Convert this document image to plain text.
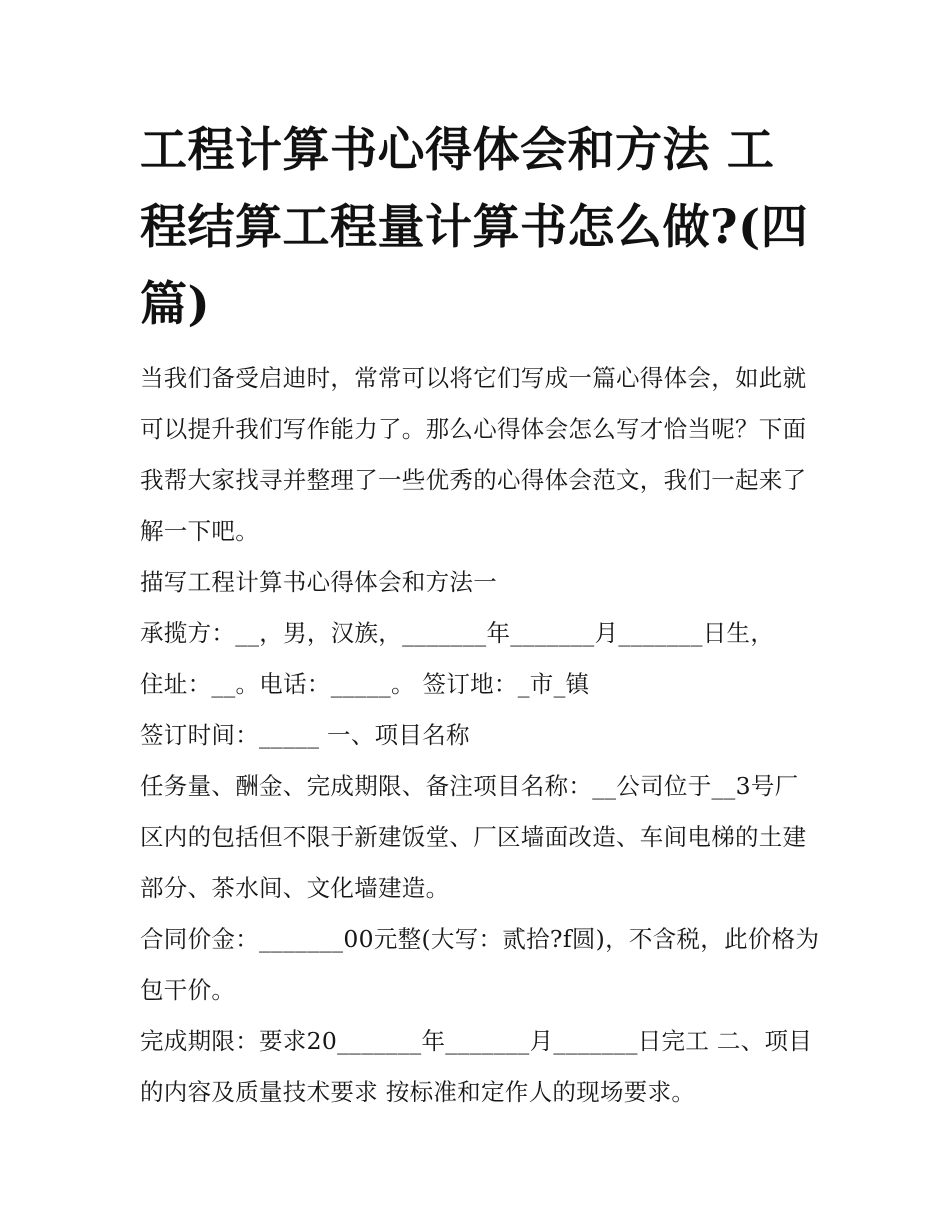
工程计算书心得体会和方法 工程结算工程量计算书怎么做?(四篇)

当我们备受启迪时，常常可以将它们写成一篇心得体会，如此就可以提升我们写作能力了。那么心得体会怎么写才恰当呢？下面我帮大家找寻并整理了一些优秀的心得体会范文，我们一起来了解一下吧。

描写工程计算书心得体会和方法一

承揽方：__，男，汉族，_______年_______月_______日生，

住址：__。电话：_____。 签订地：_市_镇

签订时间：_____ 一、项目名称

任务量、酬金、完成期限、备注项目名称：__公司位于__3号厂区内的包括但不限于新建饭堂、厂区墙面改造、车间电梯的土建部分、茶水间、文化墙建造。

合同价金：_______00元整(大写：贰拾?f圆)，不含税，此价格为包干价。

完成期限：要求20_______年_______月_______日完工 二、项目的内容及质量技术要求 按标准和定作人的现场要求。
